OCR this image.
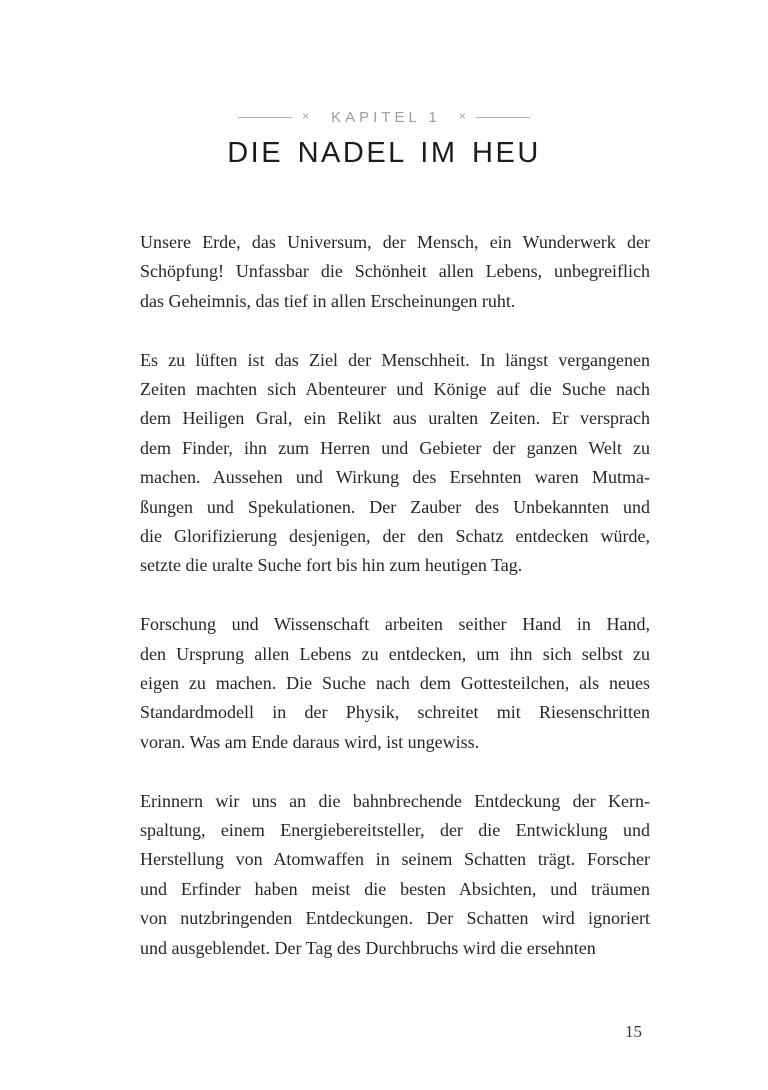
× KAPITEL 1 ×
DIE NADEL IM HEU

Unsere Erde, das Universum, der Mensch, ein Wunderwerk der
Schöpfung! Unfassbar die Schönheit allen Lebens, unbegreiflich
das Geheimnis, das tief in allen Erscheinungen ruht.

Es zu lüften ist das Ziel der Menschheit. In längst vergangenen
Zeiten machten sich Abenteurer und Könige auf die Suche nach
dem Heiligen Gral, ein Relikt aus uralten Zeiten. Er versprach
dem Finder, ihn zum Herren und Gebieter der ganzen Welt zu
machen. Aussehen und Wirkung des Ersehnten waren Mutma-
ßungen und Spekulationen. Der Zauber des Unbekannten und
die Glorifizierung desjenigen, der den Schatz entdecken würde,
setzte die uralte Suche fort bis hin zum heutigen Tag.

Forschung und Wissenschaft arbeiten seither Hand in Hand,
den Ursprung allen Lebens zu entdecken, um ihn sich selbst zu
eigen zu machen. Die Suche nach dem Gottesteilchen, als neues
Standardmodell in der Physik, schreitet mit Riesenschritten
voran. Was am Ende daraus wird, ist ungewiss.

Erinnern wir uns an die bahnbrechende Entdeckung der Kern-
spaltung, einem Energiebereitsteller, der die Entwicklung und
Herstellung von Atomwaffen in seinem Schatten trägt. Forscher
und Erfinder haben meist die besten Absichten, und träumen
von nutzbringenden Entdeckungen. Der Schatten wird ignoriert
und ausgeblendet. Der Tag des Durchbruchs wird die ersehnten

15
